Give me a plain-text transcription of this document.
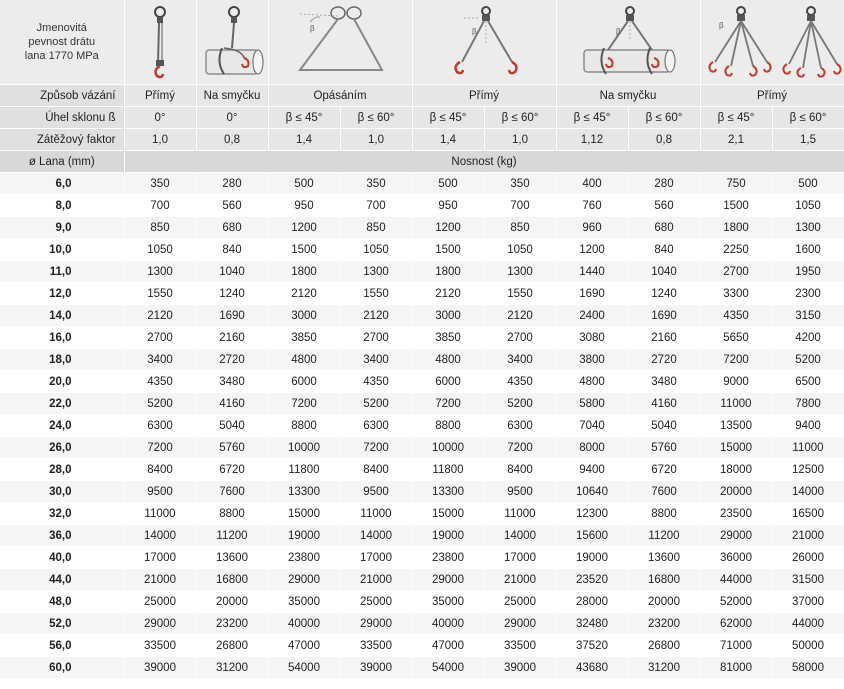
Jmenovitá
pevnost drátu
lana 1770 MPa			β		β		β		β	

Způsob vázání	Přímý	Na smyčku	Opásáním		Přímý		Na smyčku		Přímý	
Úhel sklonu ß	0°	0°	β ≤ 45°	β ≤ 60°	β ≤ 45°	β ≤ 60°	β ≤ 45°	β ≤ 60°	β ≤ 45°	β ≤ 60°
Zátěžový faktor	1,0	0,8	1,4	1,0	1,4	1,0	1,12	0,8	2,1	1,5
ø Lana (mm)	Nosnost (kg)									
6,0	350	280	500	350	500	350	400	280	750	500
8,0	700	560	950	700	950	700	760	560	1500	1050
9,0	850	680	1200	850	1200	850	960	680	1800	1300
10,0	1050	840	1500	1050	1500	1050	1200	840	2250	1600
11,0	1300	1040	1800	1300	1800	1300	1440	1040	2700	1950
12,0	1550	1240	2120	1550	2120	1550	1690	1240	3300	2300
14,0	2120	1690	3000	2120	3000	2120	2400	1690	4350	3150
16,0	2700	2160	3850	2700	3850	2700	3080	2160	5650	4200
18,0	3400	2720	4800	3400	4800	3400	3800	2720	7200	5200
20,0	4350	3480	6000	4350	6000	4350	4800	3480	9000	6500
22,0	5200	4160	7200	5200	7200	5200	5800	4160	11000	7800
24,0	6300	5040	8800	6300	8800	6300	7040	5040	13500	9400
26,0	7200	5760	10000	7200	10000	7200	8000	5760	15000	11000
28,0	8400	6720	11800	8400	11800	8400	9400	6720	18000	12500
30,0	9500	7600	13300	9500	13300	9500	10640	7600	20000	14000
32,0	11000	8800	15000	11000	15000	11000	12300	8800	23500	16500
36,0	14000	11200	19000	14000	19000	14000	15600	11200	29000	21000
40,0	17000	13600	23800	17000	23800	17000	19000	13600	36000	26000
44,0	21000	16800	29000	21000	29000	21000	23520	16800	44000	31500
48,0	25000	20000	35000	25000	35000	25000	28000	20000	52000	37000
52,0	29000	23200	40000	29000	40000	29000	32480	23200	62000	44000
56,0	33500	26800	47000	33500	47000	33500	37520	26800	71000	50000
60,0	39000	31200	54000	39000	54000	39000	43680	31200	81000	58000
